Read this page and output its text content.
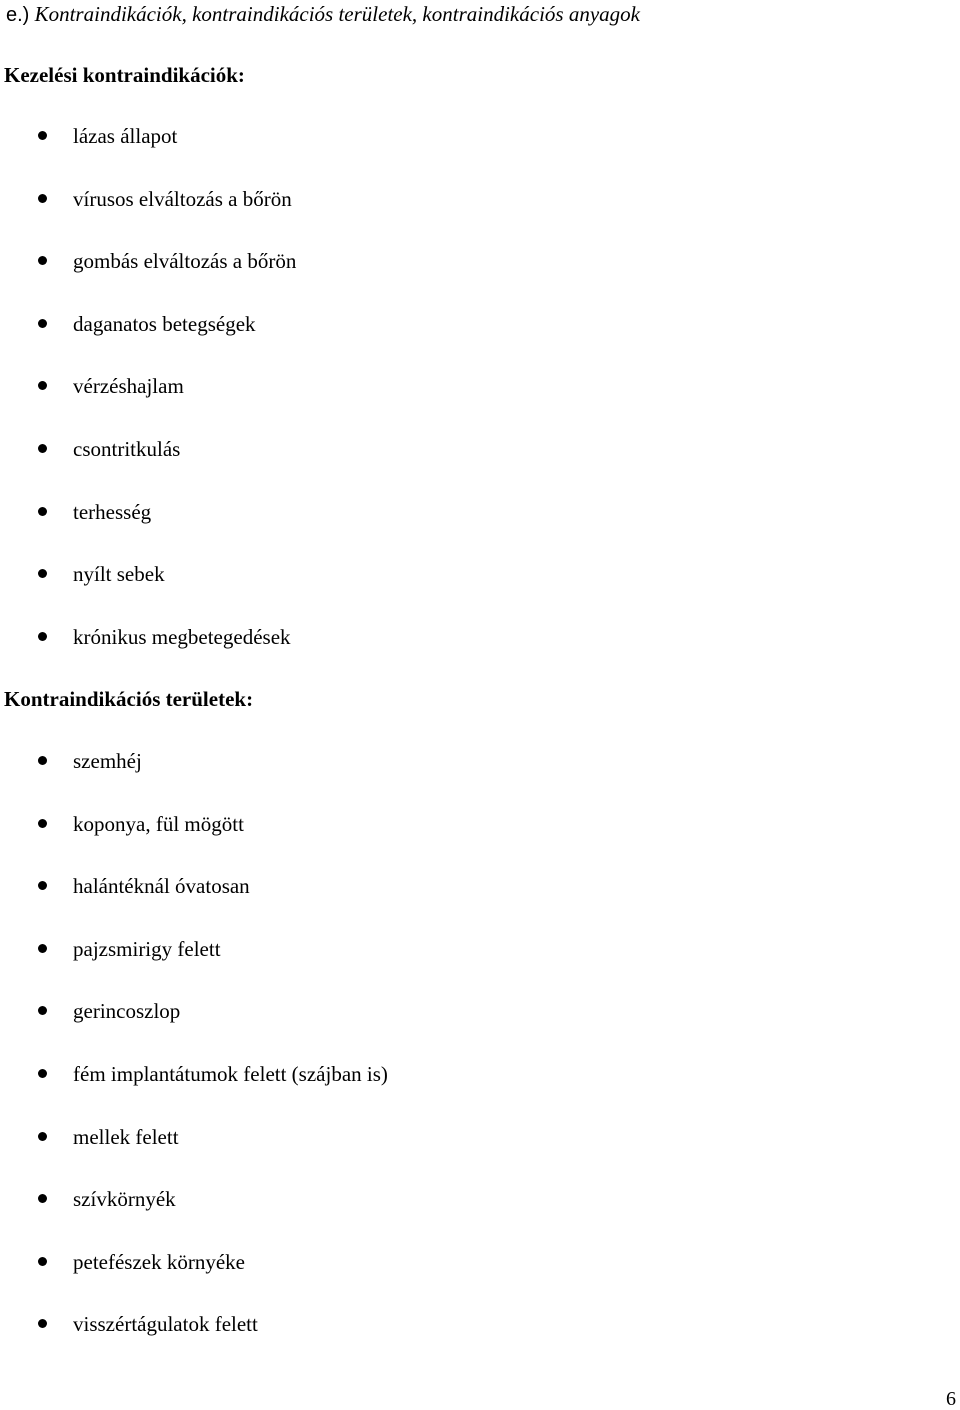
e.) Kontraindikációk, kontraindikációs területek, kontraindikációs anyagok
Kezelési kontraindikációk:
lázas állapot
vírusos elváltozás a bőrön
gombás elváltozás a bőrön
daganatos betegségek
vérzéshajlam
csontritkulás
terhesség
nyílt sebek
krónikus megbetegedések
Kontraindikációs területek:
szemhéj
koponya, fül mögött
halántéknál óvatosan
pajzsmirigy felett
gerincoszlop
fém implantátumok felett (szájban is)
mellek felett
szívkörnyék
petefészek környéke
visszértágulatok felett
6
